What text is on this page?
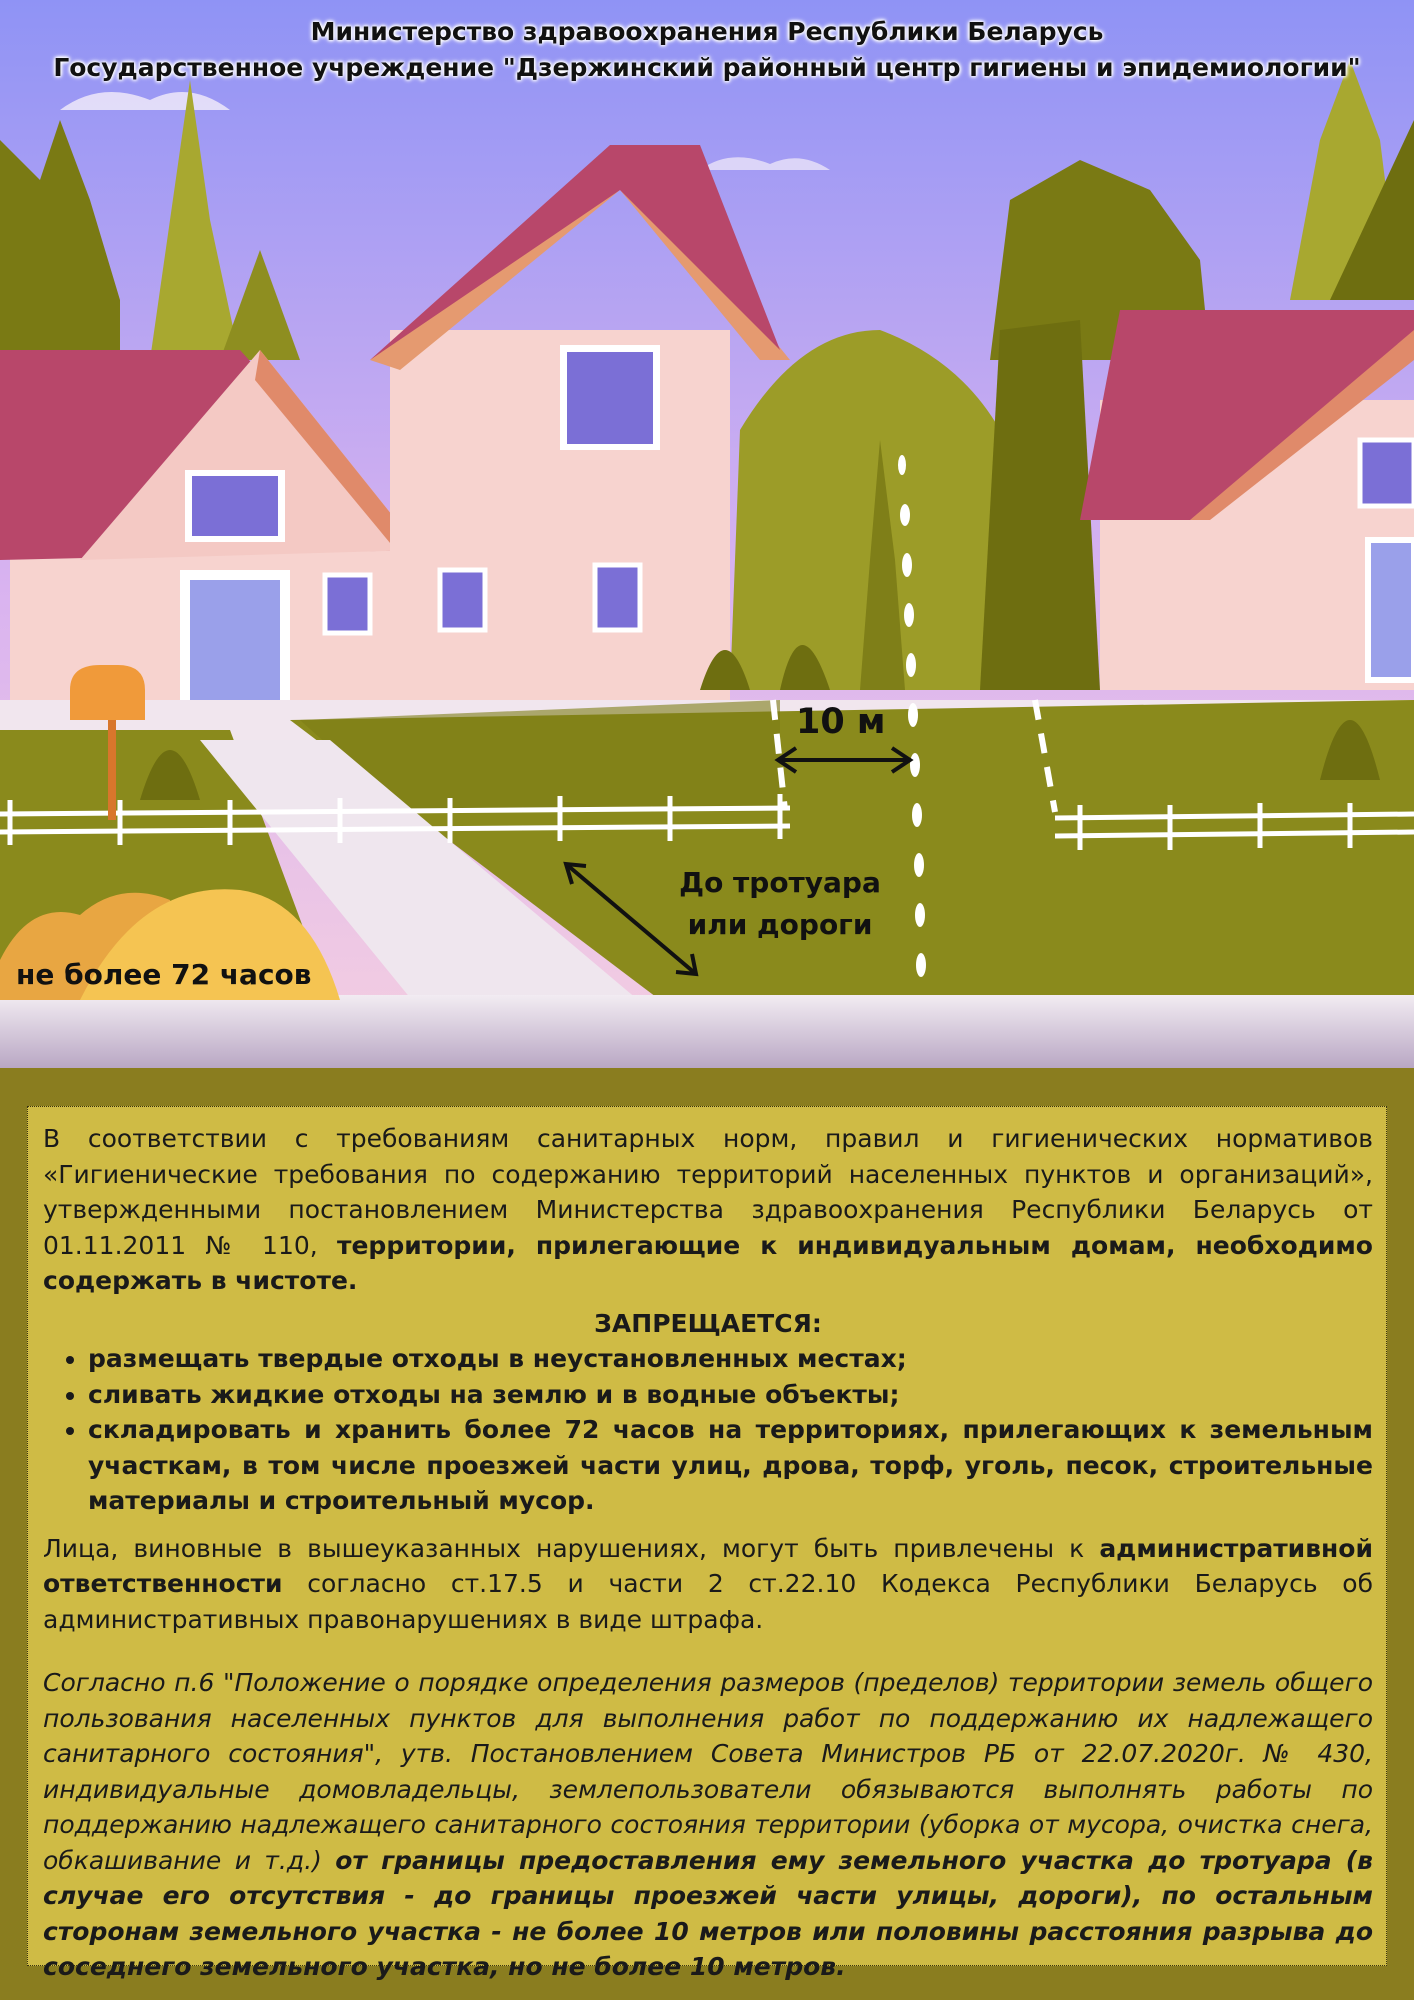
Министерство здравоохранения Республики Беларусь
Государственное учреждение "Дзержинский районный центр гигиены и эпидемиологии"
10 м
До тротуара
или дороги
не более 72 часов

В соответствии с требованиям санитарных норм, правил и гигиенических нормативов «Гигиенические требования по содержанию территорий населенных пунктов и организаций», утвержденными постановлением Министерства здравоохранения Республики Беларусь от 01.11.2011 № 110, территории, прилегающие к индивидуальным домам, необходимо содержать в чистоте.

ЗАПРЕЩАЕТСЯ:

• размещать твердые отходы в неустановленных местах;
• сливать жидкие отходы на землю и в водные объекты;
• складировать и хранить более 72 часов на территориях, прилегающих к земельным участкам, в том числе проезжей части улиц, дрова, торф, уголь, песок, строительные материалы и строительный мусор.

Лица, виновные в вышеуказанных нарушениях, могут быть привлечены к административной ответственности согласно ст.17.5 и части 2 ст.22.10 Кодекса Республики Беларусь об административных правонарушениях в виде штрафа.

Согласно п.6 "Положение о порядке определения размеров (пределов) территории земель общего пользования населенных пунктов для выполнения работ по поддержанию их надлежащего санитарного состояния", утв. Постановлением Совета Министров РБ от 22.07.2020г. № 430, индивидуальные домовладельцы, землепользователи обязываются выполнять работы по поддержанию надлежащего санитарного состояния территории (уборка от мусора, очистка снега, обкашивание и т.д.) от границы предоставления ему земельного участка до тротуара (в случае его отсутствия - до границы проезжей части улицы, дороги), по остальным сторонам земельного участка - не более 10 метров или половины расстояния разрыва до соседнего земельного участка, но не более 10 метров.
